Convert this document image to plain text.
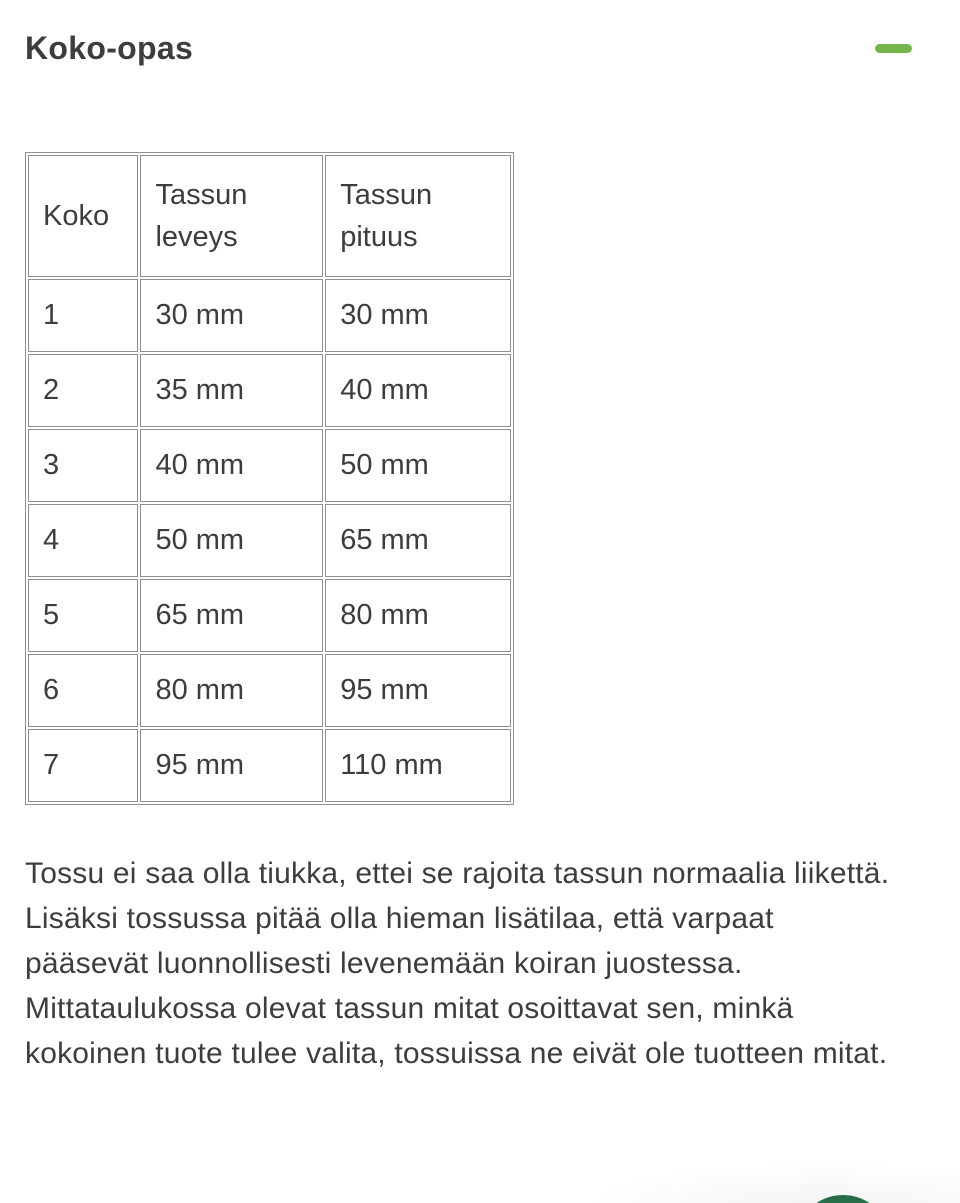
Koko-opas
Koko	Tassun leveys	Tassun pituus
1	30 mm	30 mm
2	35 mm	40 mm
3	40 mm	50 mm
4	50 mm	65 mm
5	65 mm	80 mm
6	80 mm	95 mm
7	95 mm	110 mm

Tossu ei saa olla tiukka, ettei se rajoita tassun normaalia liikettä. Lisäksi tossussa pitää olla hieman lisätilaa, että varpaat pääsevät luonnollisesti levenemään koiran juostessa. Mittataulukossa olevat tassun mitat osoittavat sen, minkä kokoinen tuote tulee valita, tossuissa ne eivät ole tuotteen mitat.
